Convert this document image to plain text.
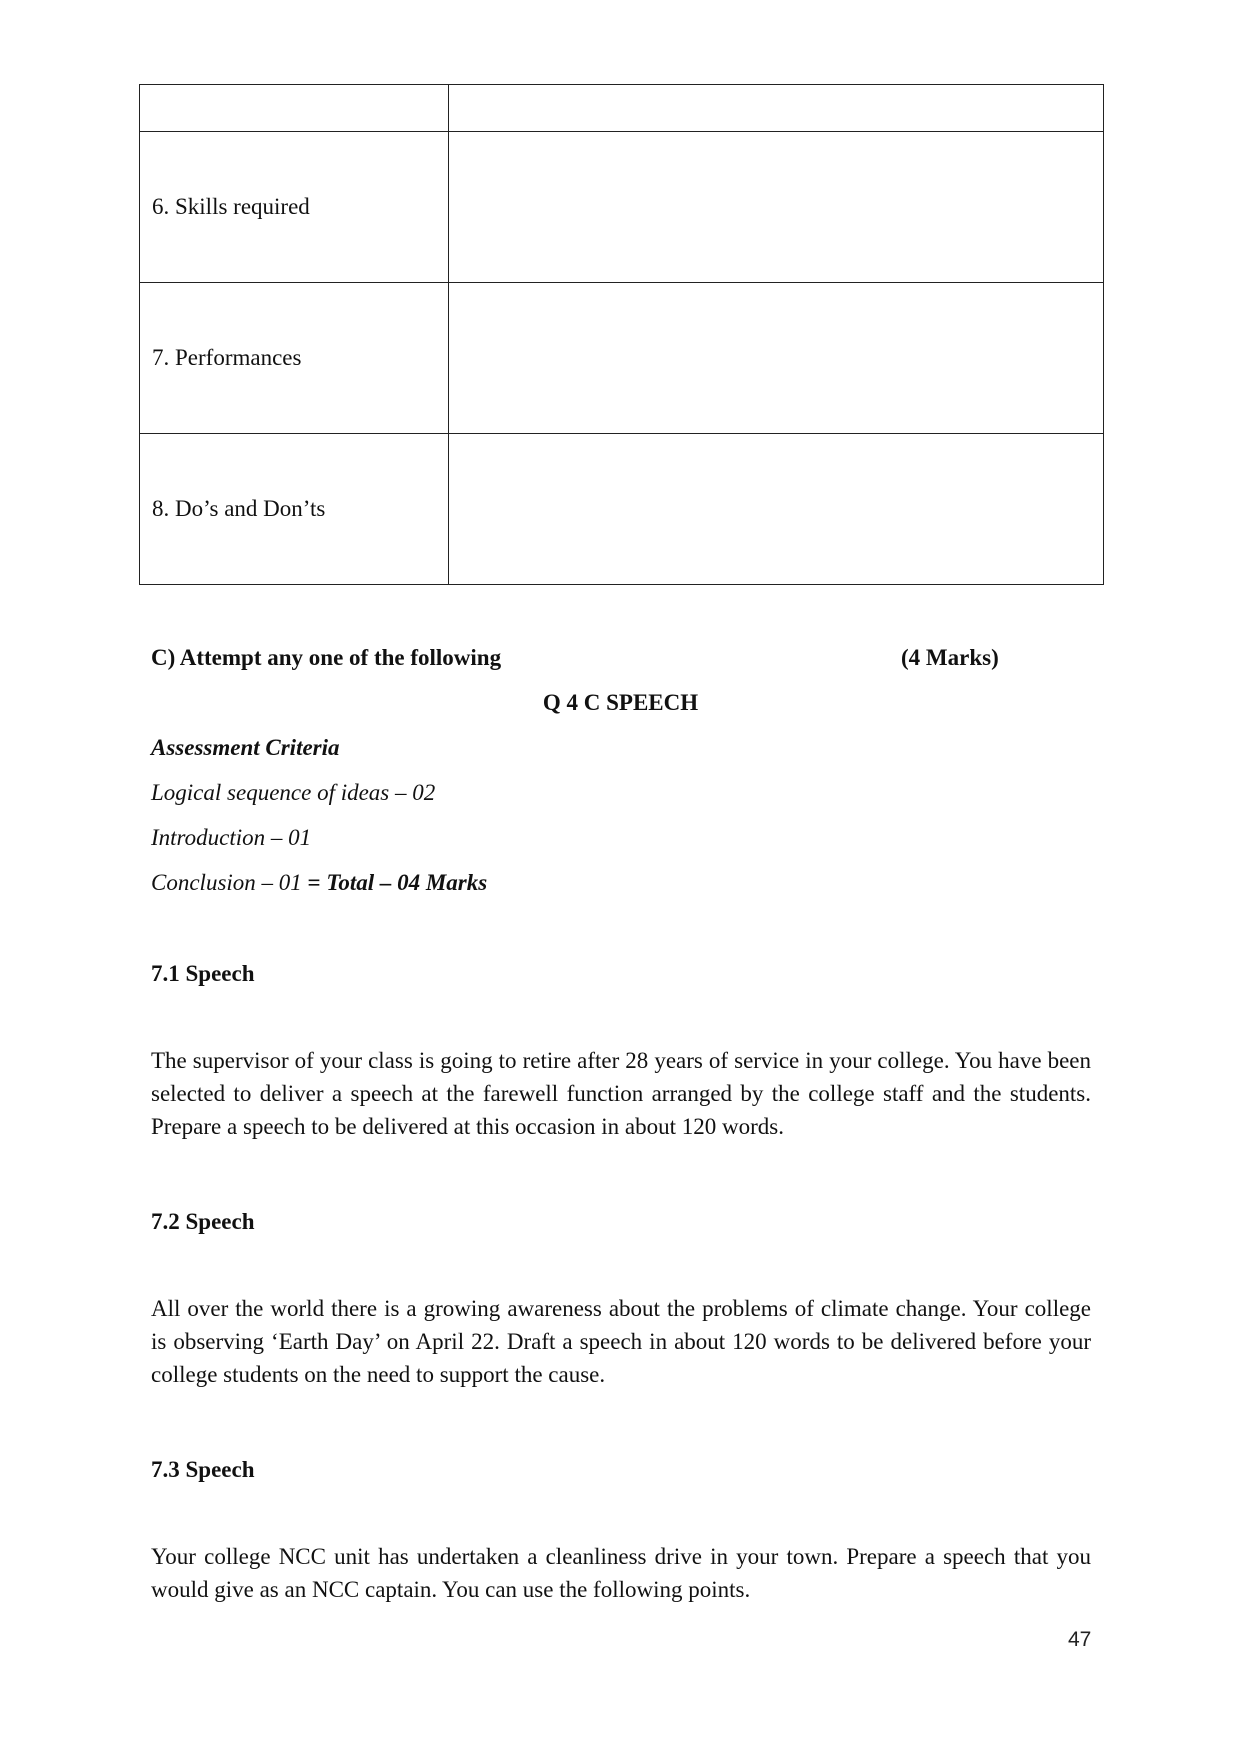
6. Skills required	
7. Performances	
8. Do’s and Don’ts	
C) Attempt any one of the following	(4 Marks)
Q 4 C SPEECH
Assessment Criteria
Logical sequence of ideas – 02
Introduction – 01
Conclusion – 01 = Total – 04 Marks
7.1 Speech

The supervisor of your class is going to retire after 28 years of service in your college. You have been selected to deliver a speech at the farewell function arranged by the college staff and the students. Prepare a speech to be delivered at this occasion in about 120 words.

7.2 Speech

All over the world there is a growing awareness about the problems of climate change. Your college is observing ‘Earth Day’ on April 22. Draft a speech in about 120 words to be delivered before your college students on the need to support the cause.

7.3 Speech

Your college NCC unit has undertaken a cleanliness drive in your town. Prepare a speech that you would give as an NCC captain. You can use the following points.

47
